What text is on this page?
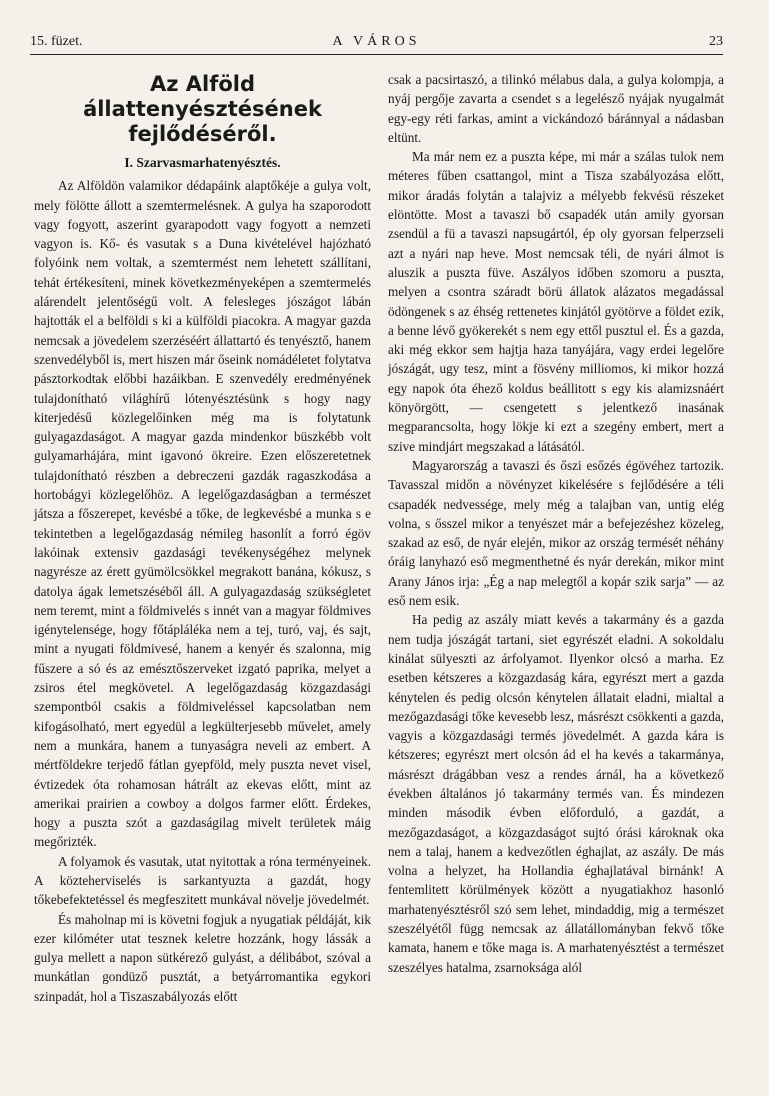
15. füzet.	A VÁROS	23
Az Alföld állattenyésztésének
fejlődéséről.
I. Szarvasmarhatenyésztés.

Az Alföldön valamikor dédapáink alaptőkéje a gulya volt, mely fölötte állott a szemtermelésnek. A gulya ha szaporodott vagy fogyott, aszerint gyarapodott vagy fogyott a nemzeti vagyon is. Kő- és vasutak s a Duna kivételével hajózható folyóink nem voltak, a szemtermést nem lehetett szállítani, tehát értékesíteni, minek következményeképen a szemtermelés alárendelt jelentőségű volt. A felesleges jószágot lábán hajtották el a belföldi s ki a külföldi piacokra. A magyar gazda nemcsak a jövedelem szerzéséért állattartó és tenyésztő, hanem szenvedélyből is, mert hiszen már őseink nomádéletet folytatva pásztorkodtak előbbi hazáikban. E szenvedély eredményének tulajdonítható világhírű lótenyésztésünk s hogy nagy kiterjedésű közlegelőinken még ma is folytatunk gulyagazdaságot. A magyar gazda mindenkor büszkébb volt gulyamarhájára, mint igavonó ökreire. Ezen előszeretetnek tulajdonítható részben a debreczeni gazdák ragaszkodása a hortobágyi közlegelőhöz. A legelőgazdaságban a természet játsza a főszerepet, kevésbé a tőke, de legkevésbé a munka s e tekintetben a legelőgazdaság némileg hasonlít a forró égöv lakóinak extensiv gazdasági tevékenységéhez melynek nagyrésze az érett gyümölcsökkel megrakott banána, kókusz, s datolya ágak lemetszéséből áll. A gulyagazdaság szükségletet nem teremt, mint a földmivelés s innét van a magyar földmives igénytelensége, hogy főtápláléka nem a tej, turó, vaj, és sajt, mint a nyugati földmivesé, hanem a kenyér és szalonna, mig fűszere a só és az emésztőszerveket izgató paprika, melyet a zsiros étel megkövetel. A legelőgazdaság közgazdasági szempontból csakis a földmiveléssel kapcsolatban nem kifogásolható, mert egyedül a legkülterjesebb művelet, amely nem a munkára, hanem a tunyaságra neveli az embert. A mértföldekre terjedő fátlan gyepföld, mely puszta nevet visel, évtizedek óta rohamosan hátrált az ekevas előtt, mint az amerikai prairien a cowboy a dolgos farmer előtt. Érdekes, hogy a puszta szót a gazdaságilag mivelt területek máig megőrizték.

A folyamok és vasutak, utat nyitottak a róna terményeinek. A közteherviselés is sarkantyuzta a gazdát, hogy tőkebefektetéssel és megfeszitett munkával növelje jövedelmét.

És maholnap mi is követni fogjuk a nyugatiak példáját, kik ezer kilóméter utat tesznek keletre hozzánk, hogy lássák a gulya mellett a napon sütkérező gulyást, a délibábot, szóval a munkátlan gondüző pusztát, a betyárromantika egykori szinpadát, hol a Tiszaszabályozás előtt

csak a pacsirtaszó, a tilinkó mélabus dala, a gulya kolompja, a nyáj pergője zavarta a csendet s a legelésző nyájak nyugalmát egy-egy réti farkas, amint a vickándozó báránnyal a nádasban eltünt.

Ma már nem ez a puszta képe, mi már a szálas tulok nem méteres fűben csattangol, mint a Tisza szabályozása előtt, mikor áradás folytán a talajviz a mélyebb fekvésü részeket elöntötte. Most a tavaszi bő csapadék után amily gyorsan zsendül a fü a tavaszi napsugártól, ép oly gyorsan felperzseli azt a nyári nap heve. Most nemcsak téli, de nyári álmot is aluszik a puszta füve. Aszályos időben szomoru a puszta, melyen a csontra száradt börü állatok alázatos megadással ödöngenek s az éhség rettenetes kinjától gyötörve a földet ezik, a benne lévő gyökerekét s nem egy ettől pusztul el. És a gazda, aki még ekkor sem hajtja haza tanyájára, vagy erdei legelőre jószágát, ugy tesz, mint a fösvény milliomos, ki mikor hozzá egy napok óta éhező koldus beállitott s egy kis alamizsnáért könyörgött, — csengetett s jelentkező inasának megparancsolta, hogy lökje ki ezt a szegény embert, mert a szive mindjárt megszakad a látásától.

Magyarország a tavaszi és őszi esőzés égövéhez tartozik. Tavasszal midőn a növényzet kikelésére s fejlődésére a téli csapadék nedvessége, mely még a talajban van, untig elég volna, s ősszel mikor a tenyészet már a befejezéshez közeleg, szakad az eső, de nyár elején, mikor az ország termését néhány óráig lanyhazó eső megmenthetné és nyár derekán, mikor mint Arany János irja: „Ég a nap melegtől a kopár szik sarja” — az eső nem esik.

Ha pedig az aszály miatt kevés a takarmány és a gazda nem tudja jószágát tartani, siet egyrészét eladni. A sokoldalu kinálat sülyeszti az árfolyamot. Ilyenkor olcsó a marha. Ez esetben kétszeres a közgazdaság kára, egyrészt mert a gazda kénytelen és pedig olcsón kénytelen állatait eladni, mialtal a mezőgazdasági tőke kevesebb lesz, másrészt csökkenti a gazda, vagyis a közgazdasági termés jövedelmét. A gazda kára is kétszeres; egyrészt mert olcsón ád el ha kevés a takarmánya, másrészt drágábban vesz a rendes árnál, ha a következő években általános jó takarmány termés van. És mindezen minden második évben előforduló, a gazdát, a mezőgazdaságot, a közgazdaságot sujtó órási károknak oka nem a talaj, hanem a kedvezőtlen éghajlat, az aszály. De más volna a helyzet, ha Hollandia éghajlatával birnánk! A fentemlitett körülmények között a nyugatiakhoz hasonló marhatenyésztésről szó sem lehet, mindaddig, mig a természet szeszélyétől függ nemcsak az állatállományban fekvő tőke kamata, hanem e tőke maga is. A marhatenyésztést a természet szeszélyes hatalma, zsarnoksága alól
